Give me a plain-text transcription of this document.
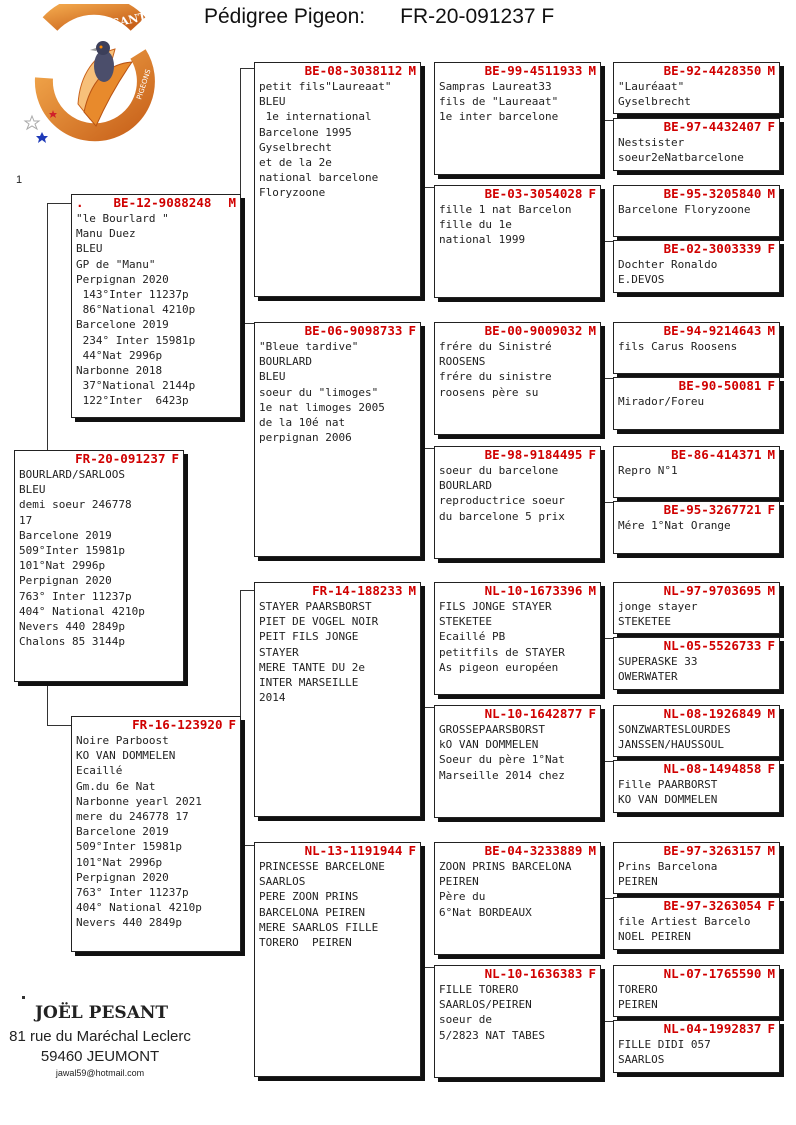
Pédigree Pigeon: FR-20-091237 F
JOËL PESANT
TEAM RACING
PIGEONS
1
. BE-12-9088248 M
"le Bourlard "
Manu Duez
BLEU
GP de "Manu"
Perpignan 2020
143°Inter 11237p
86°National 4210p
Barcelone 2019
234° Inter 15981p
44°Nat 2996p
Narbonne 2018
37°National 2144p
122°Inter  6423p
FR-20-091237 F
BOURLARD/SARLOOS
BLEU
demi soeur 246778
17
Barcelone 2019
509°Inter 15981p
101°Nat 2996p
Perpignan 2020
763° Inter 11237p
404° National 4210p
Nevers 440 2849p
Chalons 85 3144p
FR-16-123920 F
Noire Parboost
KO VAN DOMMELEN
Ecaillé
Gm.du 6e Nat
Narbonne yearl 2021
mere du 246778 17
Barcelone 2019
509°Inter 15981p
101°Nat 2996p
Perpignan 2020
763° Inter 11237p
404° National 4210p
Nevers 440 2849p
BE-08-3038112 M
petit fils"Laureaat"
BLEU
1e international
Barcelone 1995
Gyselbrecht
et de la 2e
national barcelone
Floryzoone
BE-06-9098733 F
"Bleue tardive"
BOURLARD
BLEU
soeur du "limoges"
1e nat limoges 2005
de la 10é nat
perpignan 2006
FR-14-188233 M
STAYER PAARSBORST
PIET DE VOGEL NOIR
PEIT FILS JONGE
STAYER
MERE TANTE DU 2e
INTER MARSEILLE
2014
NL-13-1191944 F
PRINCESSE BARCELONE
SAARLOS
PERE ZOON PRINS
BARCELONA PEIREN
MERE SAARLOS FILLE
TORERO  PEIREN
BE-99-4511933 M
Sampras Laureat33
fils de "Laureaat"
1e inter barcelone
BE-03-3054028 F
fille 1 nat Barcelon
fille du 1e
national 1999
BE-00-9009032 M
frére du Sinistré
ROOSENS
frére du sinistre
roosens père su
BE-98-9184495 F
soeur du barcelone
BOURLARD
reproductrice soeur
du barcelone 5 prix
NL-10-1673396 M
FILS JONGE STAYER
STEKETEE
Ecaillé PB
petitfils de STAYER
As pigeon européen
NL-10-1642877 F
GROSSEPAARSBORST
kO VAN DOMMELEN
Soeur du père 1°Nat
Marseille 2014 chez
BE-04-3233889 M
ZOON PRINS BARCELONA
PEIREN
Père du
6°Nat BORDEAUX
NL-10-1636383 F
FILLE TORERO
SAARLOS/PEIREN
soeur de
5/2823 NAT TABES
BE-92-4428350 M
"Lauréaat"
Gyselbrecht
BE-97-4432407 F
Nestsister
soeur2eNatbarcelone
BE-95-3205840 M
Barcelone Floryzoone
BE-02-3003339 F
Dochter Ronaldo
E.DEVOS
BE-94-9214643 M
fils Carus Roosens
BE-90-50081 F
Mirador/Foreu
BE-86-414371 M
Repro N°1
BE-95-3267721 F
Mére 1°Nat Orange
NL-97-9703695 M
jonge stayer
STEKETEE
NL-05-5526733 F
SUPERASKE 33
OWERWATER
NL-08-1926849 M
SONZWARTESLOURDES
JANSSEN/HAUSSOUL
NL-08-1494858 F
Fille PAARBORST
KO VAN DOMMELEN
BE-97-3263157 M
Prins Barcelona
PEIREN
BE-97-3263054 F
file Artiest Barcelo
NOEL PEIREN
NL-07-1765590 M
TORERO
PEIREN
NL-04-1992837 F
FILLE DIDI 057
SAARLOS
JOËL PESANT
81 rue du Maréchal Leclerc
59460 JEUMONT
jawal59@hotmail.com
